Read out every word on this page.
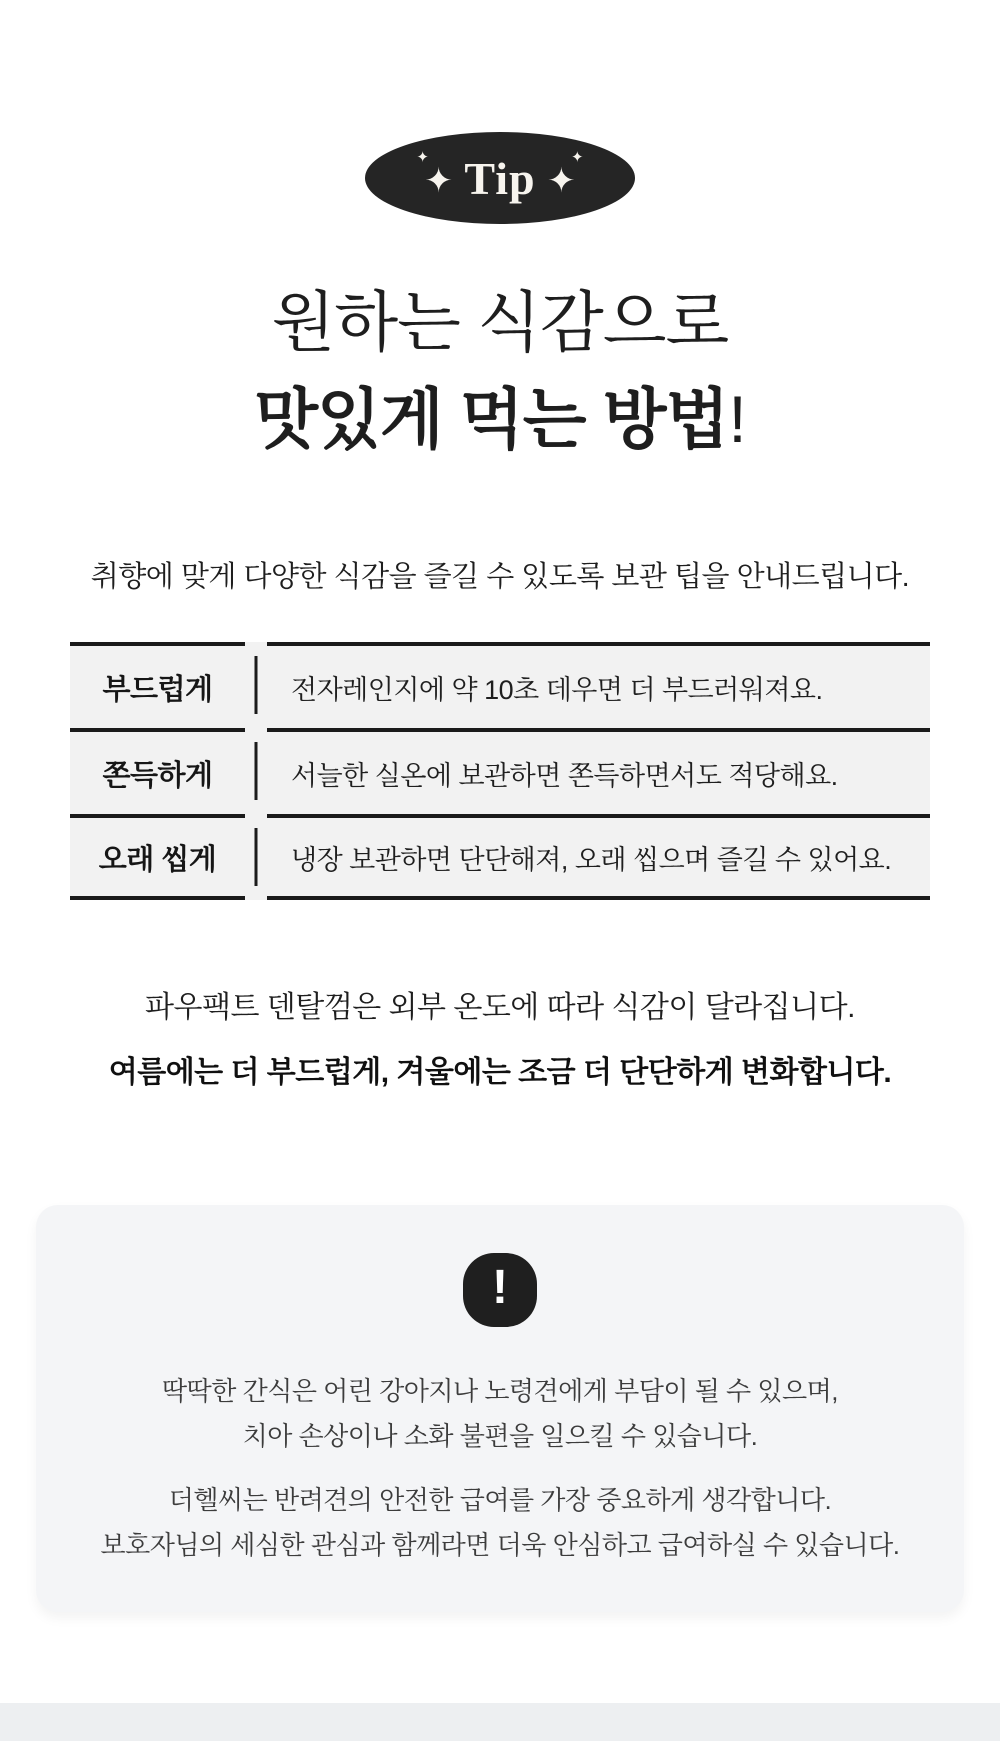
✦
✦ Tip	✦
✦
원하는 식감으로
맛있게 먹는 방법!

취향에 맞게 다양한 식감을 즐길 수 있도록 보관 팁을 안내드립니다.

부드럽게	전자레인지에 약 10초 데우면 더 부드러워져요.
쫀득하게	서늘한 실온에 보관하면 쫀득하면서도 적당해요.
오래 씹게	냉장 보관하면 단단해져, 오래 씹으며 즐길 수 있어요.
파우팩트 덴탈껌은 외부 온도에 따라 식감이 달라집니다.
여름에는 더 부드럽게, 겨울에는 조금 더 단단하게 변화합니다.
!
딱딱한 간식은 어린 강아지나 노령견에게 부담이 될 수 있으며,
치아 손상이나 소화 불편을 일으킬 수 있습니다.
더헬씨는 반려견의 안전한 급여를 가장 중요하게 생각합니다.
보호자님의 세심한 관심과 함께라면 더욱 안심하고 급여하실 수 있습니다.
